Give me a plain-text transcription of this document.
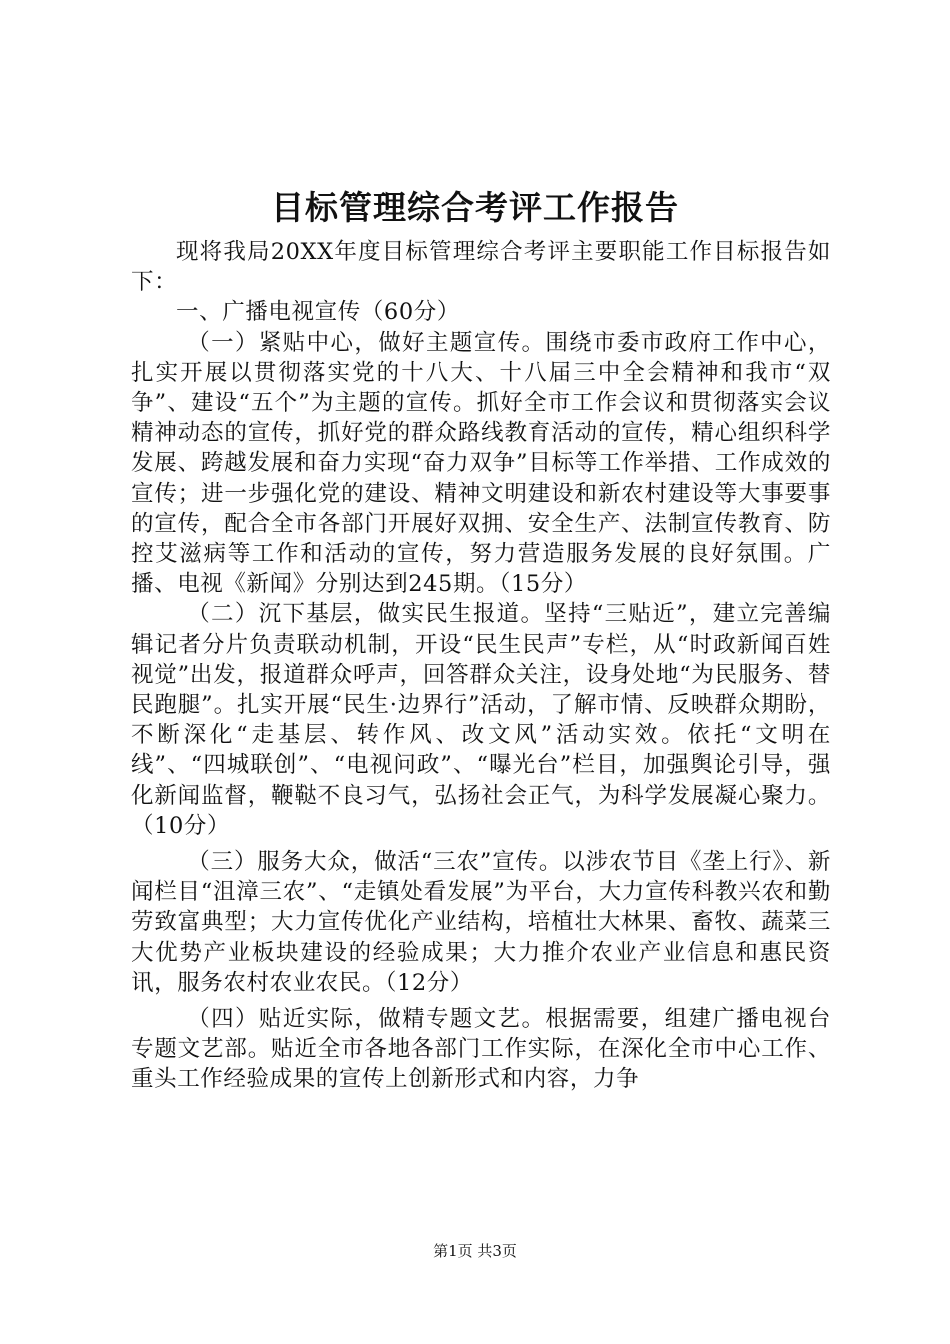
目标管理综合考评工作报告

现将我局20XX年度目标管理综合考评主要职能工作目标报告如下：

一、广播电视宣传（60分）

（一）紧贴中心，做好主题宣传。围绕市委市政府工作中心，扎实开展以贯彻落实党的十八大、十八届三中全会精神和我市“双争”、建设“五个”为主题的宣传。抓好全市工作会议和贯彻落实会议精神动态的宣传，抓好党的群众路线教育活动的宣传，精心组织科学发展、跨越发展和奋力实现“奋力双争”目标等工作举措、工作成效的宣传；进一步强化党的建设、精神文明建设和新农村建设等大事要事的宣传，配合全市各部门开展好双拥、安全生产、法制宣传教育、防控艾滋病等工作和活动的宣传，努力营造服务发展的良好氛围。广播、电视《新闻》分别达到245期。（15分）

（二）沉下基层，做实民生报道。坚持“三贴近”，建立完善编辑记者分片负责联动机制，开设“民生民声”专栏，从“时政新闻百姓视觉”出发，报道群众呼声，回答群众关注，设身处地“为民服务、替民跑腿”。扎实开展“民生·边界行”活动，了解市情、反映群众期盼，不断深化“走基层、转作风、改文风”活动实效。依托“文明在线”、“四城联创”、“电视问政”、“曝光台”栏目，加强舆论引导，强化新闻监督，鞭鞑不良习气，弘扬社会正气，为科学发展凝心聚力。（10分）

（三）服务大众，做活“三农”宣传。以涉农节目《垄上行》、新闻栏目“沮漳三农”、“走镇处看发展”为平台，大力宣传科教兴农和勤劳致富典型；大力宣传优化产业结构，培植壮大林果、畜牧、蔬菜三大优势产业板块建设的经验成果；大力推介农业产业信息和惠民资讯，服务农村农业农民。（12分）

（四）贴近实际，做精专题文艺。根据需要，组建广播电视台专题文艺部。贴近全市各地各部门工作实际，在深化全市中心工作、重头工作经验成果的宣传上创新形式和内容，力争

第1页 共3页
